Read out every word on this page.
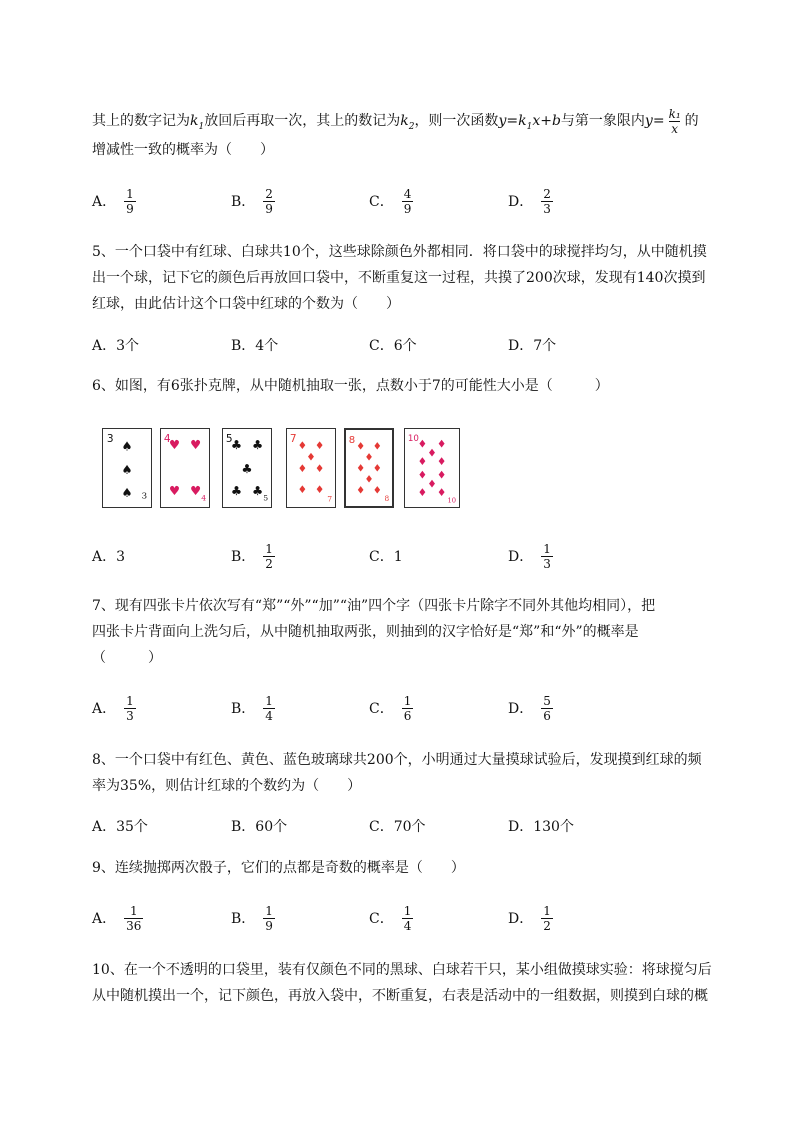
其上的数字记为$k_1$放回后再取一次，其上的数记为$k_2$，则一次函数$y=k_1x+b$与第一象限内$y= \frac{\text{k₁}}{x}$ 的
增减性一致的概率为（　　）
A． $\frac{1}{9}$	B． $\frac{2}{9}$	C． $\frac{4}{9}$	D． $\frac{2}{3}$
5、一个口袋中有红球、白球共10个，这些球除颜色外都相同．将口袋中的球搅拌均匀，从中随机摸
出一个球，记下它的颜色后再放回口袋中，不断重复这一过程，共摸了200次球，发现有140次摸到
红球，由此估计这个口袋中红球的个数为（　　）
A．3个	B．4个	C．6个	D．7个
6、如图，有6张扑克牌，从中随机抽取一张，点数小于7的可能性大小是（　　　）
3 ♠
♠
♠ 3
4
♥ ♥
♥ ♥
4
5
♣ ♣
♣
♣ ♣
5
7
♦ ♦
♦
♦ ♦
♦ ♦
7
8
♦ ♦
♦
♦ ♦
♦
♦ ♦
8
10
♦ ♦
♦
♦ ♦
♦ ♦
♦
♦ ♦
10
A．3	B． $\frac{1}{2}$	C．1	D． $\frac{1}{3}$
7、现有四张卡片依次写有“郑”“外”“加”“油”四个字（四张卡片除字不同外其他均相同），把
四张卡片背面向上洗匀后，从中随机抽取两张，则抽到的汉字恰好是“郑”和“外”的概率是
（　　　）
A． $\frac{1}{3}$	B． $\frac{1}{4}$	C． $\frac{1}{6}$	D． $\frac{5}{6}$
8、一个口袋中有红色、黄色、蓝色玻璃球共200个，小明通过大量摸球试验后，发现摸到红球的频
率为35%，则估计红球的个数约为（　　）
A．35个	B．60个	C．70个	D．130个
9、连续抛掷两次骰子，它们的点都是奇数的概率是（　　）
A． $\frac{1}{36}$	B． $\frac{1}{9}$	C． $\frac{1}{4}$	D． $\frac{1}{2}$
10、在一个不透明的口袋里，装有仅颜色不同的黑球、白球若干只，某小组做摸球实验：将球搅匀后
从中随机摸出一个，记下颜色，再放入袋中，不断重复，右表是活动中的一组数据，则摸到白球的概
